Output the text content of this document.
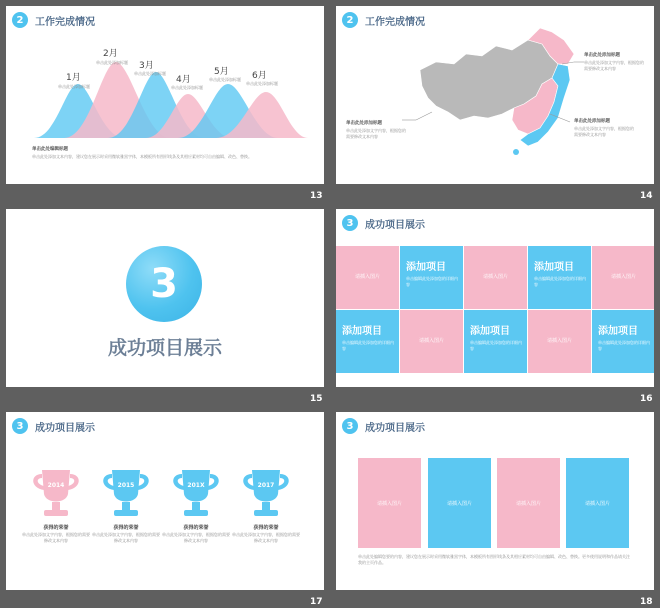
2	工作完成情况
1月
单击此处添加标题
2月
单击此处添加标题 3月
单击此处添加标题
4月
单击此处添加标题
5月
单击此处添加标题 6月
单击此处添加标题
单击此处编辑标题
单击此处添加文本内容，建议您在展示时采用微软雅黑字体，本模板所有图形线条及其相应素材均可自由编辑、改色、替换。
13
2	工作完成情况
单击此处添加标题
单击此处添加文字内容，根据您的需要修改文本内容
单击此处添加标题
单击此处添加文字内容，根据您的需要修改文本内容
单击此处添加标题
单击此处添加文字内容，根据您的需要修改文本内容
14
3
成功项目展示
15
3	成功项目展示
请插入图片
添加项目
单击编辑此处添加您的详细内容
请插入图片
添加项目
单击编辑此处添加您的详细内容
请插入图片
添加项目
单击编辑此处添加您的详细内容
请插入图片
添加项目
单击编辑此处添加您的详细内容
请插入图片
添加项目
单击编辑此处添加您的详细内容
16
3	成功项目展示
2014	2015	201X	2017
获得的荣誉
单击此处添加文字内容，根据您的需要修改文本内容
获得的荣誉
单击此处添加文字内容，根据您的需要修改文本内容
获得的荣誉
单击此处添加文字内容，根据您的需要修改文本内容
获得的荣誉
单击此处添加文字内容，根据您的需要修改文本内容
17
3	成功项目展示
请插入图片	请插入图片	请插入图片	请插入图片
单击此处编辑您要的内容，建议您在展示时采用微软雅黑字体，本模板所有图形线条及其相应素材均可自由编辑、改色、替换。更多使用说明和作品请关注我的主页作品。
18
